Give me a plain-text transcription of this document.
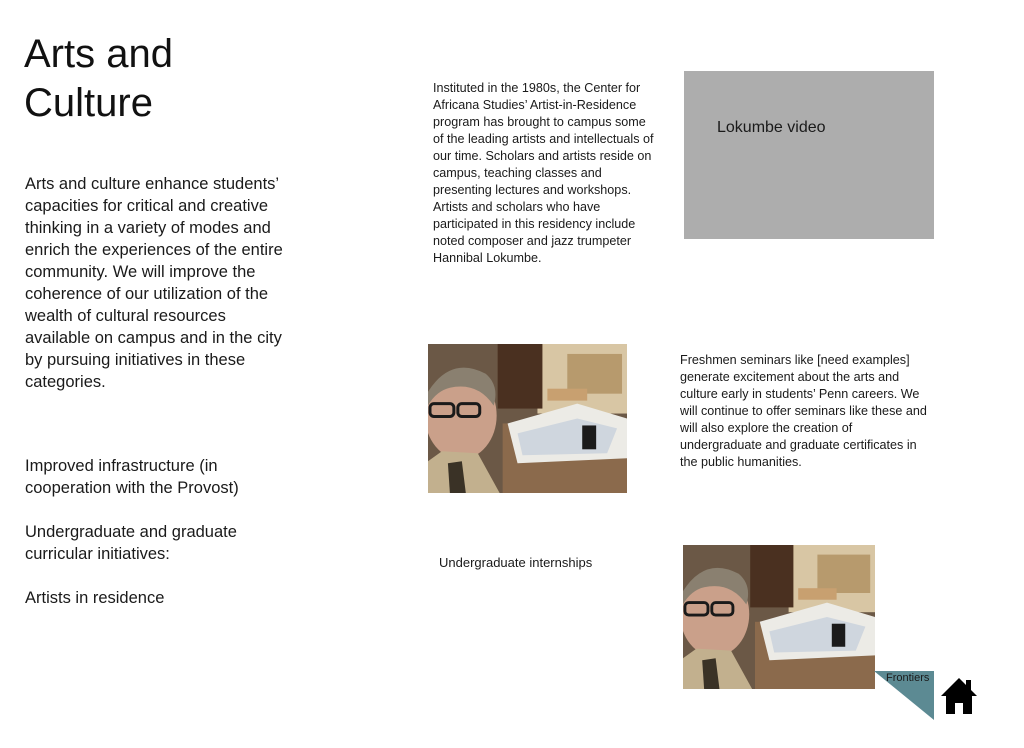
Arts and Culture
Arts and culture enhance students’ capacities for critical and creative thinking in a variety of modes and enrich the experiences of the entire community. We will improve the coherence of our utilization of the wealth of cultural resources available on campus and in the city by pursuing initiatives in these categories.
Improved infrastructure (in cooperation with the Provost)
Undergraduate and graduate curricular initiatives:
Artists in residence
Instituted in the 1980s, the Center for Africana Studies’ Artist-in-Residence program has brought to campus some of the leading artists and intellectuals of our time. Scholars and artists reside on campus, teaching classes and presenting lectures and workshops. Artists and scholars who have participated in this residency include noted composer and jazz trumpeter Hannibal Lokumbe.
Lokumbe video
Freshmen seminars like [need examples] generate excitement about the arts and culture early in students’ Penn careers. We will continue to offer seminars like these and will also explore the creation of undergraduate and graduate certificates in the public humanities.
Undergraduate internships
Frontiers
